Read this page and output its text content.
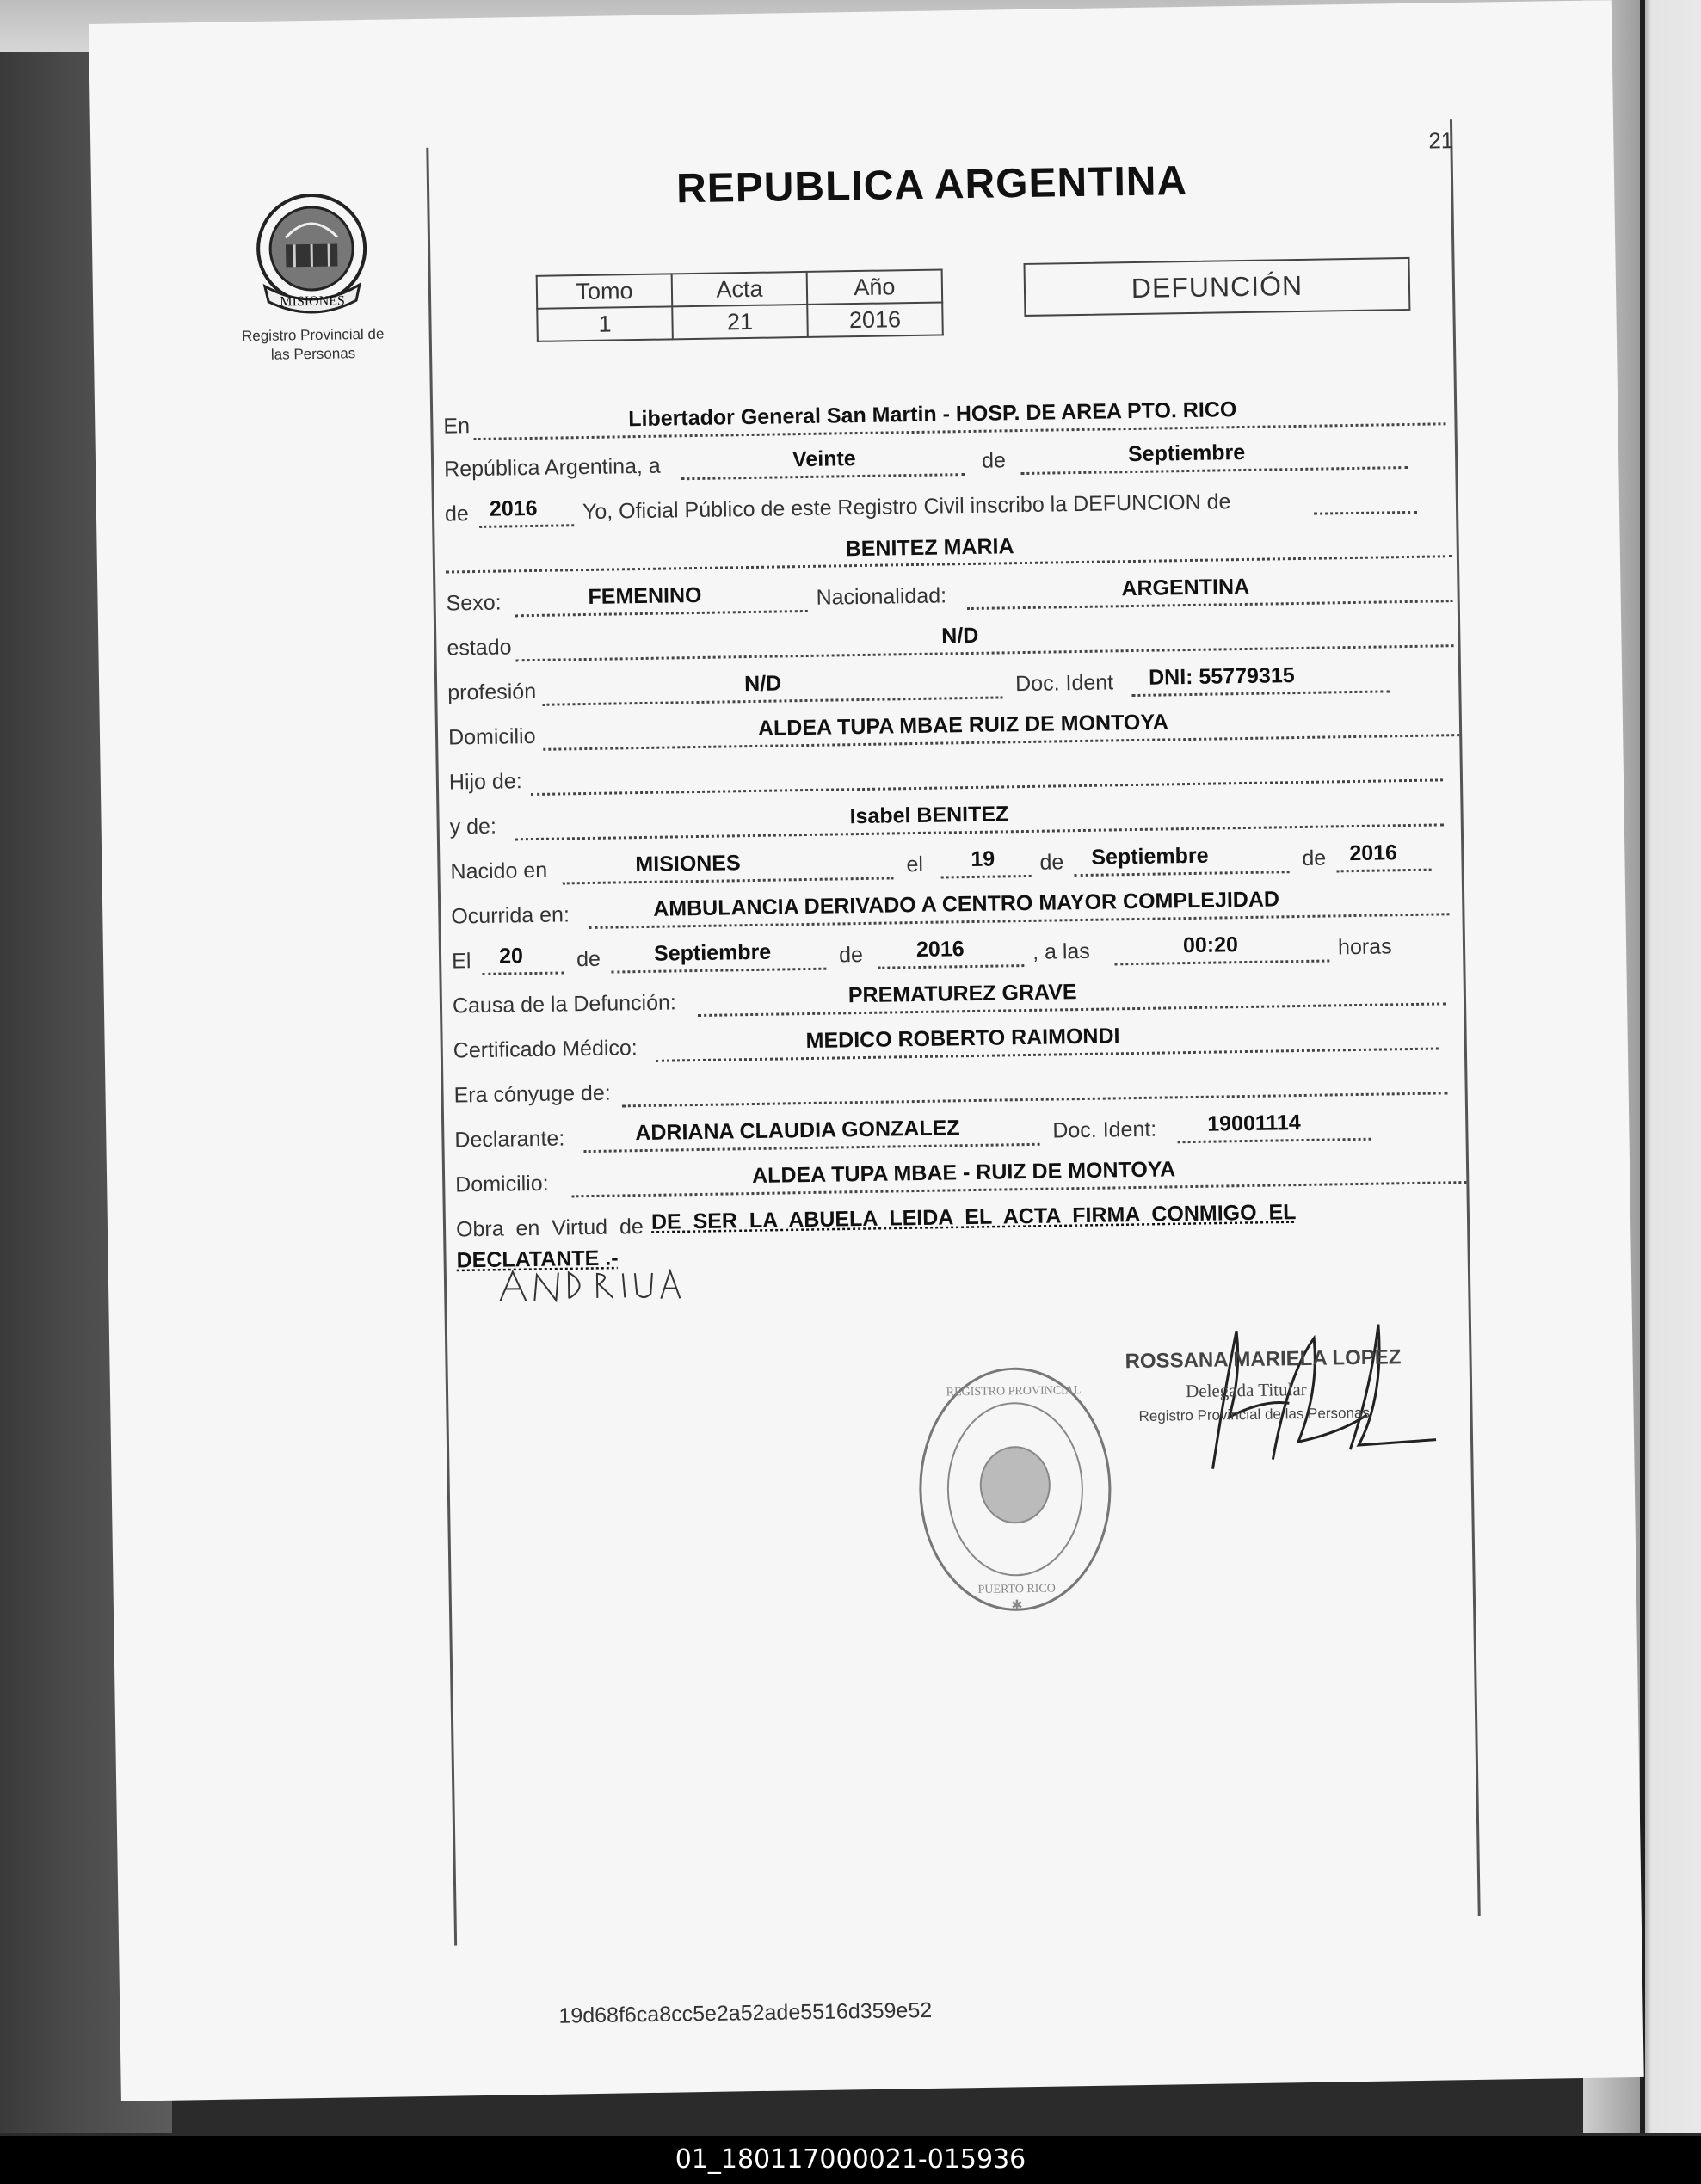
21
MISIONES
Registro Provincial de
las Personas
REPUBLICA ARGENTINA
Tomo	Acta	Año
1	21	2016
DEFUNCIÓN
En	Libertador General San Martin - HOSP. DE AREA PTO. RICO
República Argentina, a	Veinte	de	Septiembre
de 2016 Yo, Oficial Público de este Registro Civil inscribo la DEFUNCION de
BENITEZ MARIA
Sexo:	FEMENINO	Nacionalidad:	ARGENTINA
estado	N/D
profesión	N/D	Doc. Ident DNI: 55779315
Domicilio	ALDEA TUPA MBAE RUIZ DE MONTOYA
Hijo de:
y de:	Isabel BENITEZ
Nacido en	MISIONES	el 19 de Septiembre	de 2016
Ocurrida en:	AMBULANCIA DERIVADO A CENTRO MAYOR COMPLEJIDAD
El 20 de Septiembre	de 2016	, a las	00:20	horas
Causa de la Defunción:	PREMATUREZ GRAVE
Certificado Médico:	MEDICO ROBERTO RAIMONDI
Era cónyuge de:
Declarante:	ADRIANA CLAUDIA GONZALEZ	Doc. Ident: 19001114
Domicilio:	ALDEA TUPA MBAE - RUIZ DE MONTOYA
Obra  en  Virtud  de DE  SER  LA  ABUELA  LEIDA  EL  ACTA  FIRMA  CONMIGO  EL
DECLATANTE .-
REGISTRO PROVINCIAL
PUERTO RICO
✱
ROSSANA MARIELA LOPEZ
Delegada Titular
Registro Provincial de las Personas
19d68f6ca8cc5e2a52ade5516d359e52
01_180117000021-015936
